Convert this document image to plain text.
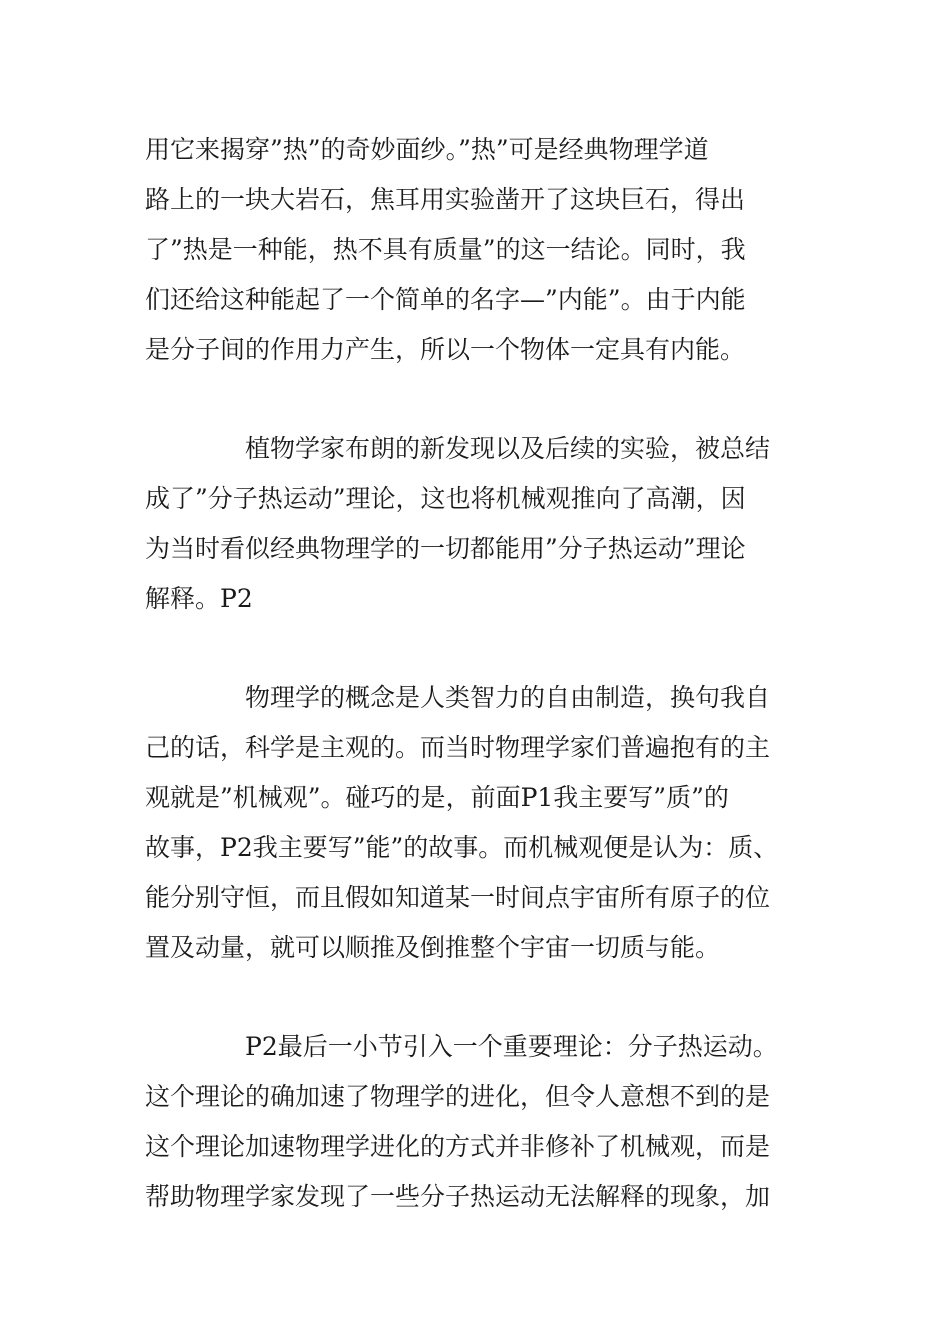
用它来揭穿”热”的奇妙面纱。”热”可是经典物理学道
路上的一块大岩石，焦耳用实验凿开了这块巨石，得出
了”热是一种能，热不具有质量”的这一结论。同时，我
们还给这种能起了一个简单的名字—”内能”。由于内能
是分子间的作用力产生，所以一个物体一定具有内能。
植物学家布朗的新发现以及后续的实验，被总结
成了”分子热运动”理论，这也将机械观推向了高潮，因
为当时看似经典物理学的一切都能用”分子热运动”理论
解释。P2
物理学的概念是人类智力的自由制造，换句我自
己的话，科学是主观的。而当时物理学家们普遍抱有的主
观就是”机械观”。碰巧的是，前面P1我主要写”质”的
故事，P2我主要写”能”的故事。而机械观便是认为：质、
能分别守恒，而且假如知道某一时间点宇宙所有原子的位
置及动量，就可以顺推及倒推整个宇宙一切质与能。
P2最后一小节引入一个重要理论：分子热运动。
这个理论的确加速了物理学的进化，但令人意想不到的是
这个理论加速物理学进化的方式并非修补了机械观，而是
帮助物理学家发现了一些分子热运动无法解释的现象，加
